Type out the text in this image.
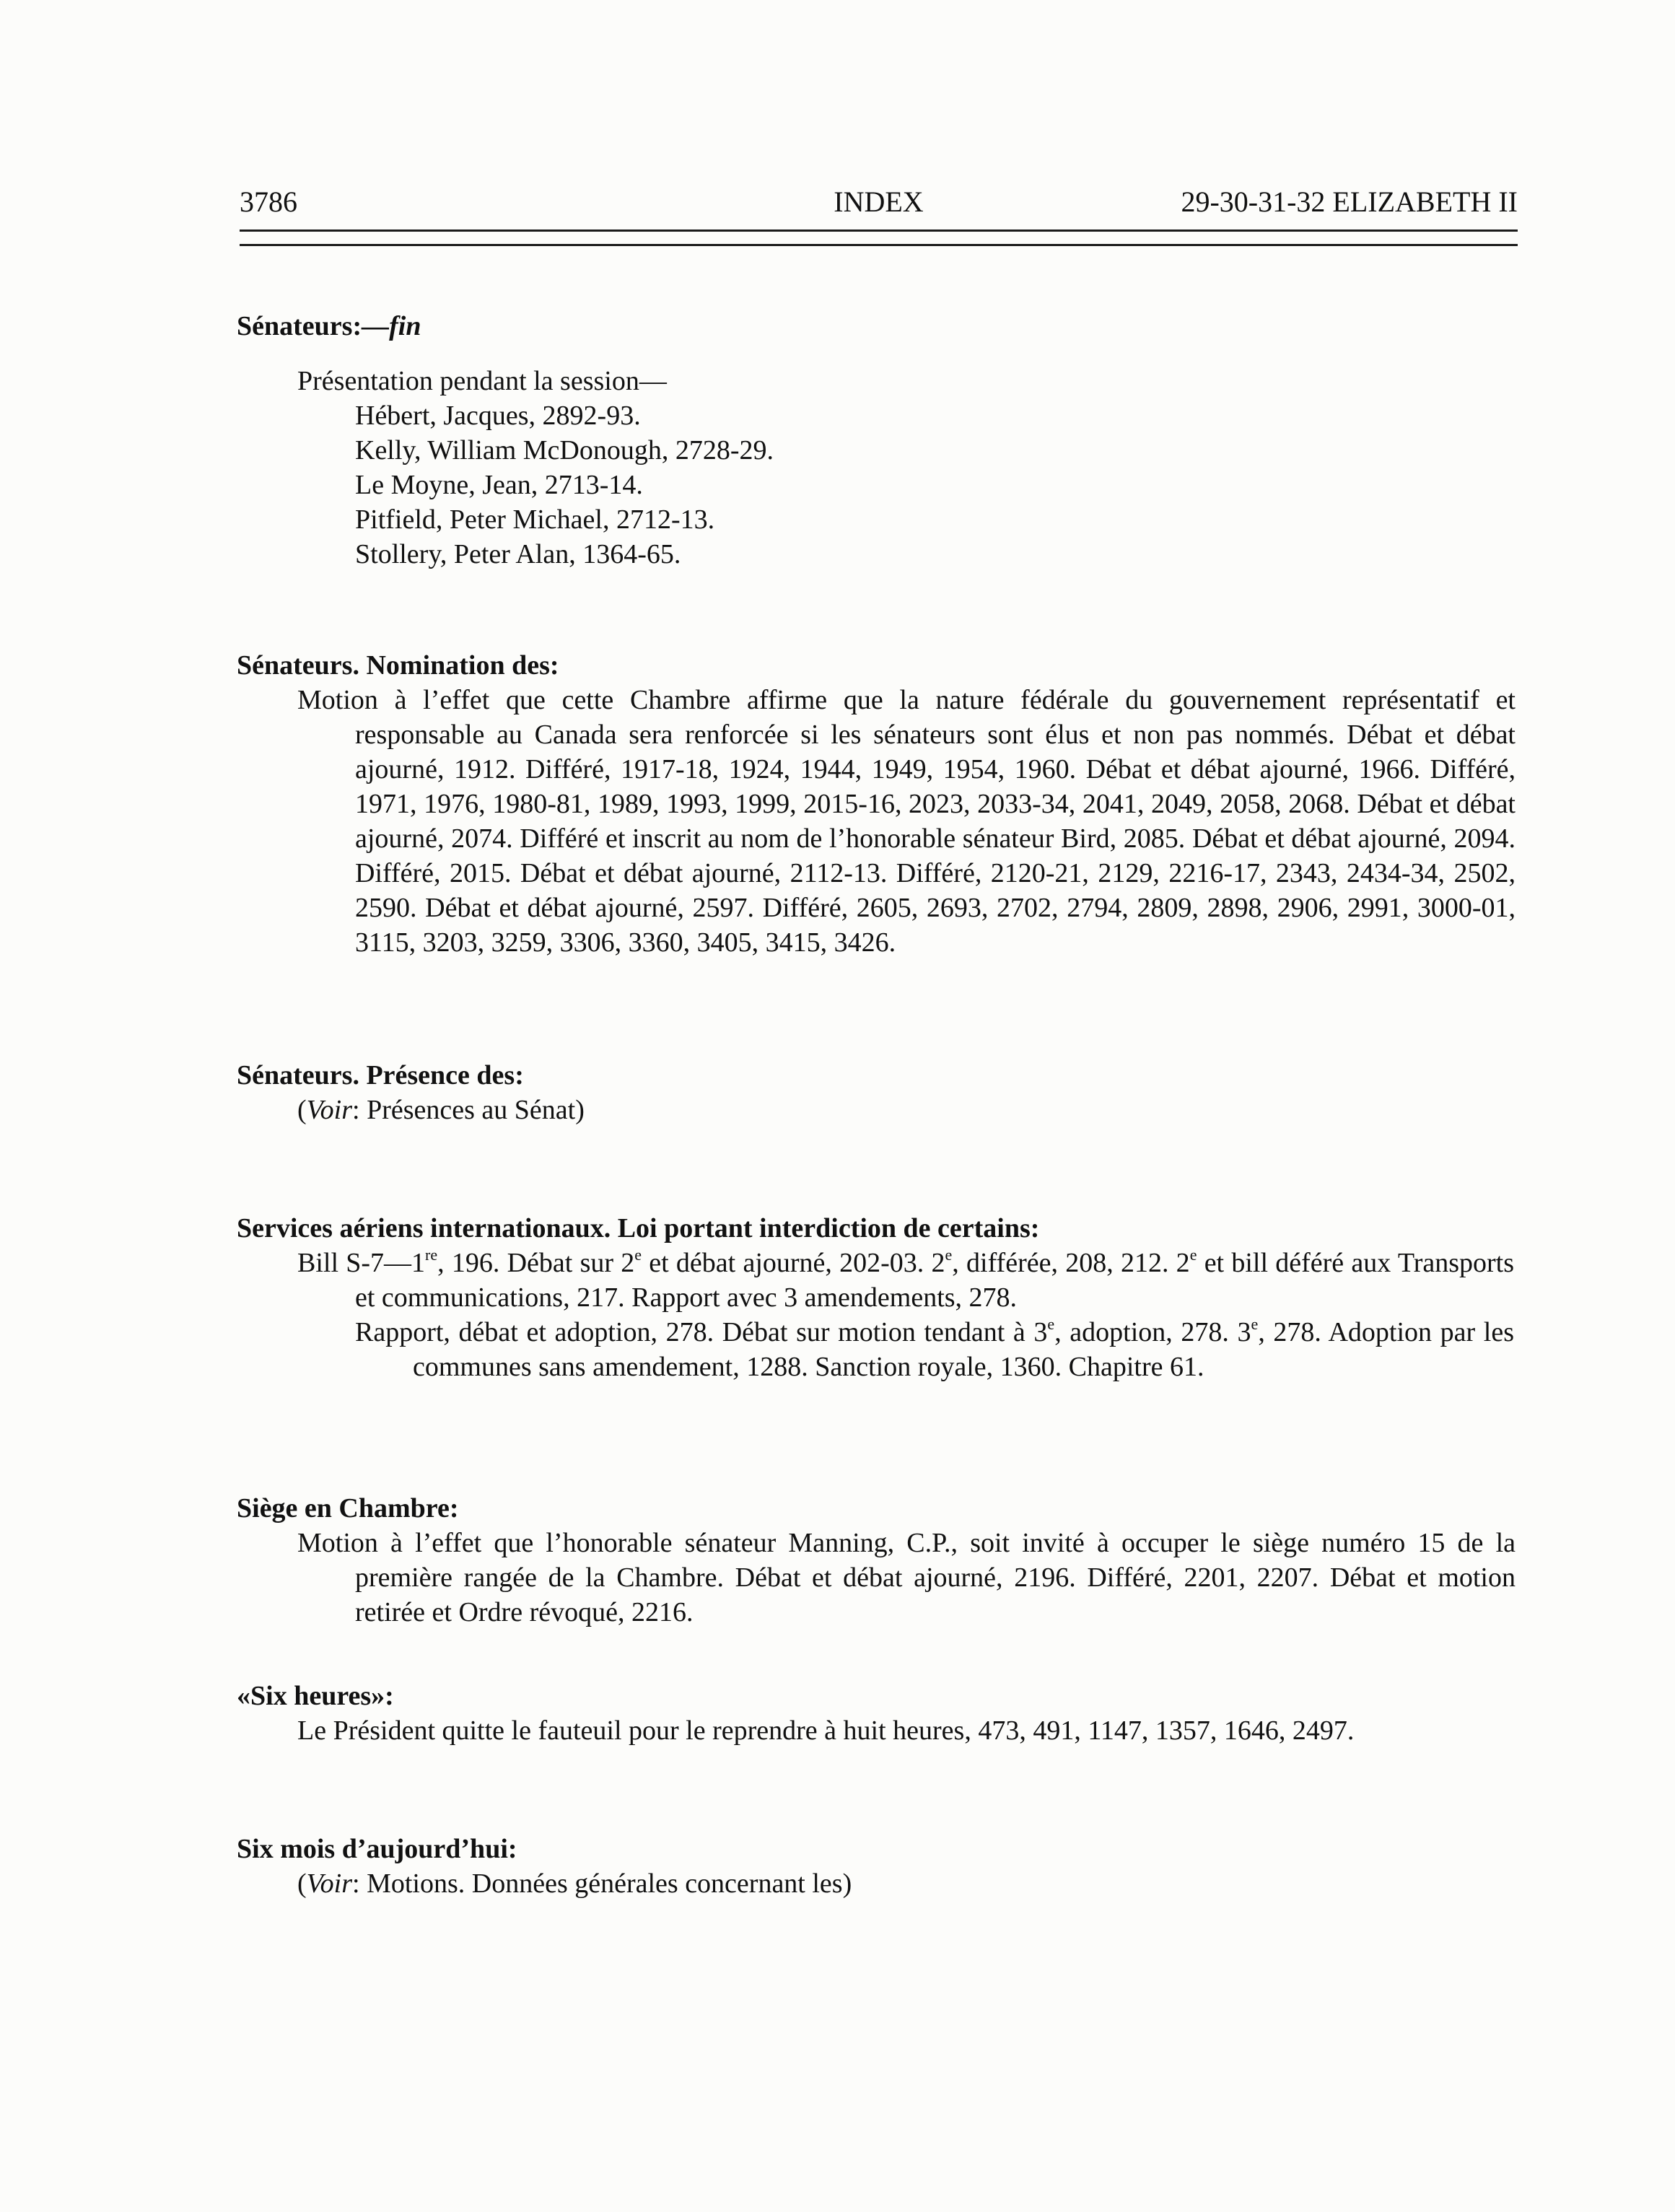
3786	INDEX	29-30-31-32 ELIZABETH II
Sénateurs:—fin
Présentation pendant la session—
Hébert, Jacques, 2892-93.
Kelly, William McDonough, 2728-29.
Le Moyne, Jean, 2713-14.
Pitfield, Peter Michael, 2712-13.
Stollery, Peter Alan, 1364-65.
Sénateurs. Nomination des:
Motion à l’effet que cette Chambre affirme que la nature fédérale du gouvernement représentatif et responsable au Canada sera renforcée si les sénateurs sont élus et non pas nommés. Débat et débat ajourné, 1912. Différé, 1917-18, 1924, 1944, 1949, 1954, 1960. Débat et débat ajourné, 1966. Différé, 1971, 1976, 1980-81, 1989, 1993, 1999, 2015-16, 2023, 2033-34, 2041, 2049, 2058, 2068. Débat et débat ajourné, 2074. Différé et inscrit au nom de l’honorable sénateur Bird, 2085. Débat et débat ajourné, 2094. Différé, 2015. Débat et débat ajourné, 2112-13. Différé, 2120-21, 2129, 2216-17, 2343, 2434-34, 2502, 2590. Débat et débat ajourné, 2597. Différé, 2605, 2693, 2702, 2794, 2809, 2898, 2906, 2991, 3000-01, 3115, 3203, 3259, 3306, 3360, 3405, 3415, 3426.
Sénateurs. Présence des:
(Voir: Présences au Sénat)
Services aériens internationaux. Loi portant interdiction de certains:
Bill S-7—1re, 196. Débat sur 2e et débat ajourné, 202-03. 2e, différée, 208, 212. 2e et bill déféré aux Transports et communications, 217. Rapport avec 3 amendements, 278.
Rapport, débat et adoption, 278. Débat sur motion tendant à 3e, adoption, 278. 3e, 278. Adoption par les communes sans amendement, 1288. Sanction royale, 1360. Chapitre 61.
Siège en Chambre:
Motion à l’effet que l’honorable sénateur Manning, C.P., soit invité à occuper le siège numéro 15 de la première rangée de la Chambre. Débat et débat ajourné, 2196. Différé, 2201, 2207. Débat et motion retirée et Ordre révoqué, 2216.
«Six heures»:
Le Président quitte le fauteuil pour le reprendre à huit heures, 473, 491, 1147, 1357, 1646, 2497.
Six mois d’aujourd’hui:
(Voir: Motions. Données générales concernant les)
